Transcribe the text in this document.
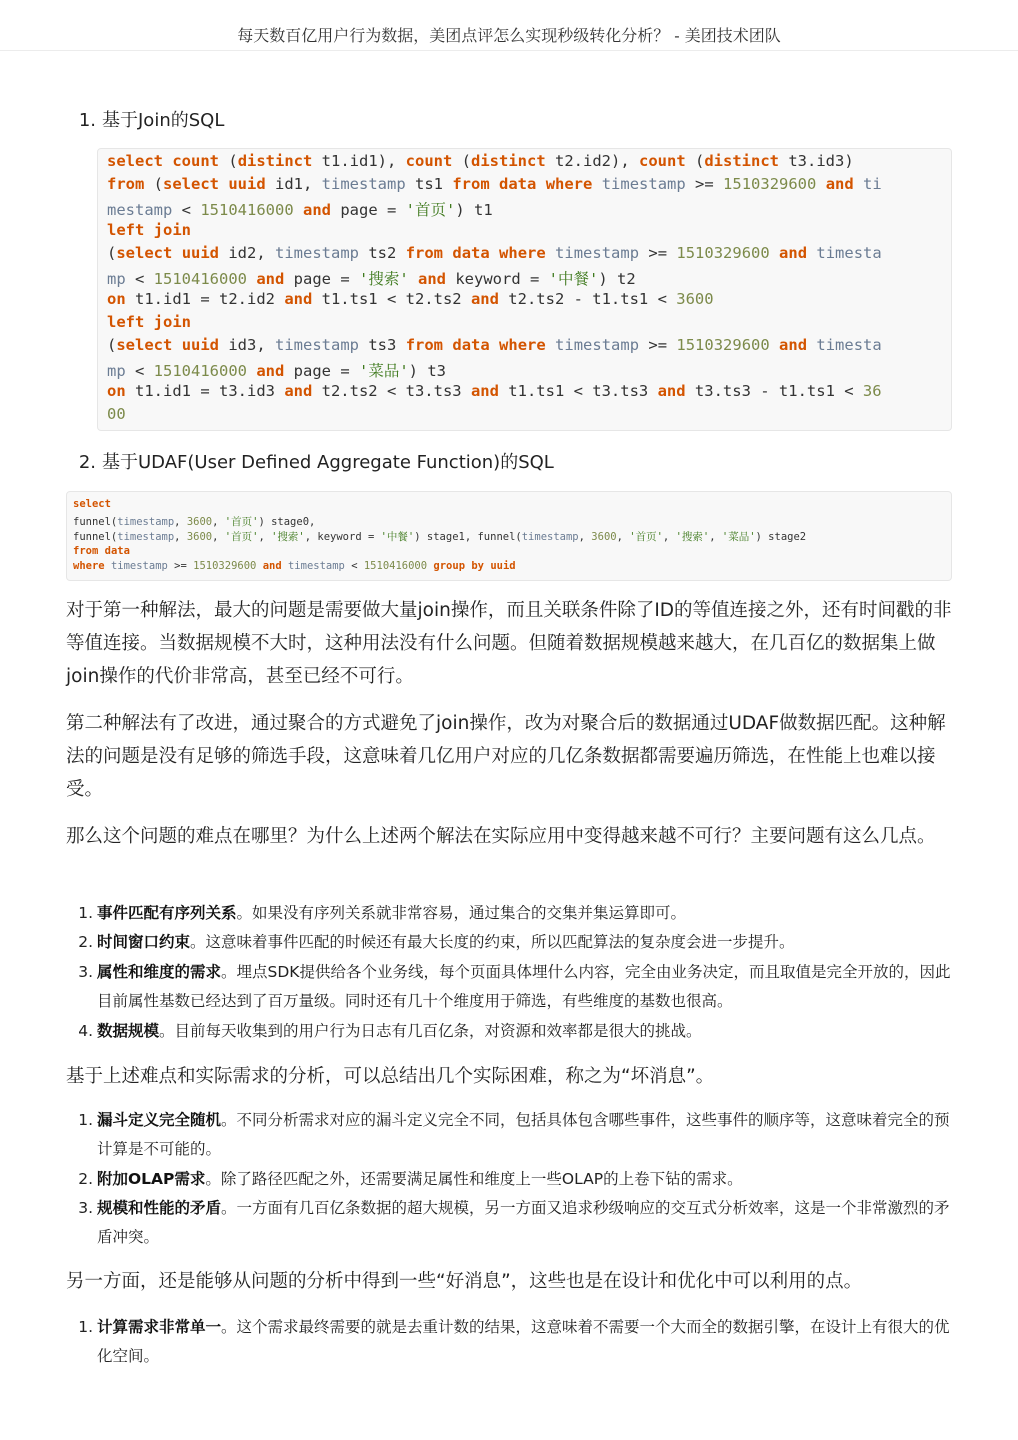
每天数百亿用户行为数据，美团点评怎么实现秒级转化分析？ - 美团技术团队
1. 基于Join的SQL
select count (distinct t1.id1), count (distinct t2.id2), count (distinct t3.id3)
from (select uuid id1, timestamp ts1 from data where timestamp >= 1510329600 and ti
mestamp < 1510416000 and page = '首页') t1
left join
(select uuid id2, timestamp ts2 from data where timestamp >= 1510329600 and timesta
mp < 1510416000 and page = '搜索' and keyword = '中餐') t2
on t1.id1 = t2.id2 and t1.ts1 < t2.ts2 and t2.ts2 - t1.ts1 < 3600
left join
(select uuid id3, timestamp ts3 from data where timestamp >= 1510329600 and timesta
mp < 1510416000 and page = '菜品') t3
on t1.id1 = t3.id3 and t2.ts2 < t3.ts3 and t1.ts1 < t3.ts3 and t3.ts3 - t1.ts1 < 36
00
2. 基于UDAF(User Defined Aggregate Function)的SQL
select
funnel(timestamp, 3600, '首页') stage0,
funnel(timestamp, 3600, '首页', '搜索', keyword = '中餐') stage1, funnel(timestamp, 3600, '首页', '搜索', '菜品') stage2
from data
where timestamp >= 1510329600 and timestamp < 1510416000 group by uuid
对于第一种解法，最大的问题是需要做大量join操作，而且关联条件除了ID的等值连接之外，还有时间戳的非等值连接。当数据规模不大时，这种用法没有什么问题。但随着数据规模越来越大，在几百亿的数据集上做join操作的代价非常高，甚至已经不可行。
第二种解法有了改进，通过聚合的方式避免了join操作，改为对聚合后的数据通过UDAF做数据匹配。这种解法的问题是没有足够的筛选手段，这意味着几亿用户对应的几亿条数据都需要遍历筛选，在性能上也难以接受。
那么这个问题的难点在哪里？为什么上述两个解法在实际应用中变得越来越不可行？主要问题有这么几点。
1. 事件匹配有序列关系。如果没有序列关系就非常容易，通过集合的交集并集运算即可。
2. 时间窗口约束。这意味着事件匹配的时候还有最大长度的约束，所以匹配算法的复杂度会进一步提升。
3. 属性和维度的需求。埋点SDK提供给各个业务线，每个页面具体埋什么内容，完全由业务决定，而且取值是完全开放的，因此目前属性基数已经达到了百万量级。同时还有几十个维度用于筛选，有些维度的基数也很高。
4. 数据规模。目前每天收集到的用户行为日志有几百亿条，对资源和效率都是很大的挑战。
基于上述难点和实际需求的分析，可以总结出几个实际困难，称之为“坏消息”。
1. 漏斗定义完全随机。不同分析需求对应的漏斗定义完全不同，包括具体包含哪些事件，这些事件的顺序等，这意味着完全的预计算是不可能的。
2. 附加OLAP需求。除了路径匹配之外，还需要满足属性和维度上一些OLAP的上卷下钻的需求。
3. 规模和性能的矛盾。一方面有几百亿条数据的超大规模，另一方面又追求秒级响应的交互式分析效率，这是一个非常激烈的矛盾冲突。
另一方面，还是能够从问题的分析中得到一些“好消息”，这些也是在设计和优化中可以利用的点。
1. 计算需求非常单一。这个需求最终需要的就是去重计数的结果，这意味着不需要一个大而全的数据引擎，在设计上有很大的优化空间。
